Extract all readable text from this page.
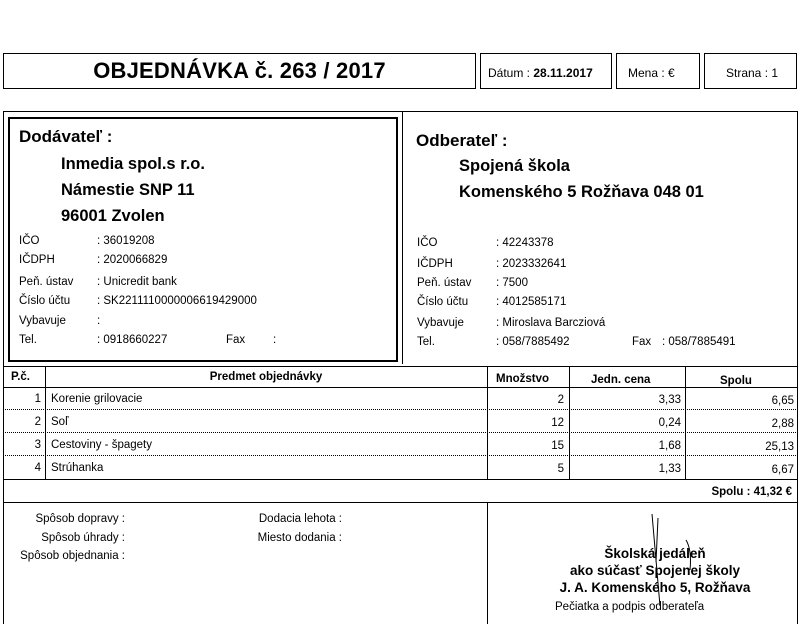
OBJEDNÁVKA č. 263 / 2017	Dátum : 28.11.2017	Mena : €	Strana : 1
Dodávateľ :
Inmedia spol.s r.o.
Námestie SNP 11
96001 Zvolen
IČO	: 36019208
IČDPH	: 2020066829
Peň. ústav : Unicredit bank
Číslo účtu : SK2211110000006619429000
Vybavuje	:
Tel.	: 0918660227	Fax :
Odberateľ :
Spojená škola
Komenského 5 Rožňava 048 01
IČO	: 42243378
IČDPH	: 2023332641
Peň. ústav : 7500
Číslo účtu : 4012585171
Vybavuje	: Miroslava Barcziová
Tel.	: 058/7885492	Fax : 058/7885491
P.č.	Predmet objednávky	Množstvo	Jedn. cena	Spolu
1 Korenie grilovacie	2	3,33	6,65
2 Soľ	12	0,24	2,88
3 Cestoviny - špagety	15	1,68	25,13
4 Strúhanka	5	1,33	6,67
Spolu : 41,32 €
Spôsob dopravy :
Spôsob úhrady :
Spôsob objednania :
Dodacia lehota :
Miesto dodania :
Školská jedáleň
ako súčasť Spojenej školy
J. A. Komenského 5, Rožňava
Pečiatka a podpis odberateľa
